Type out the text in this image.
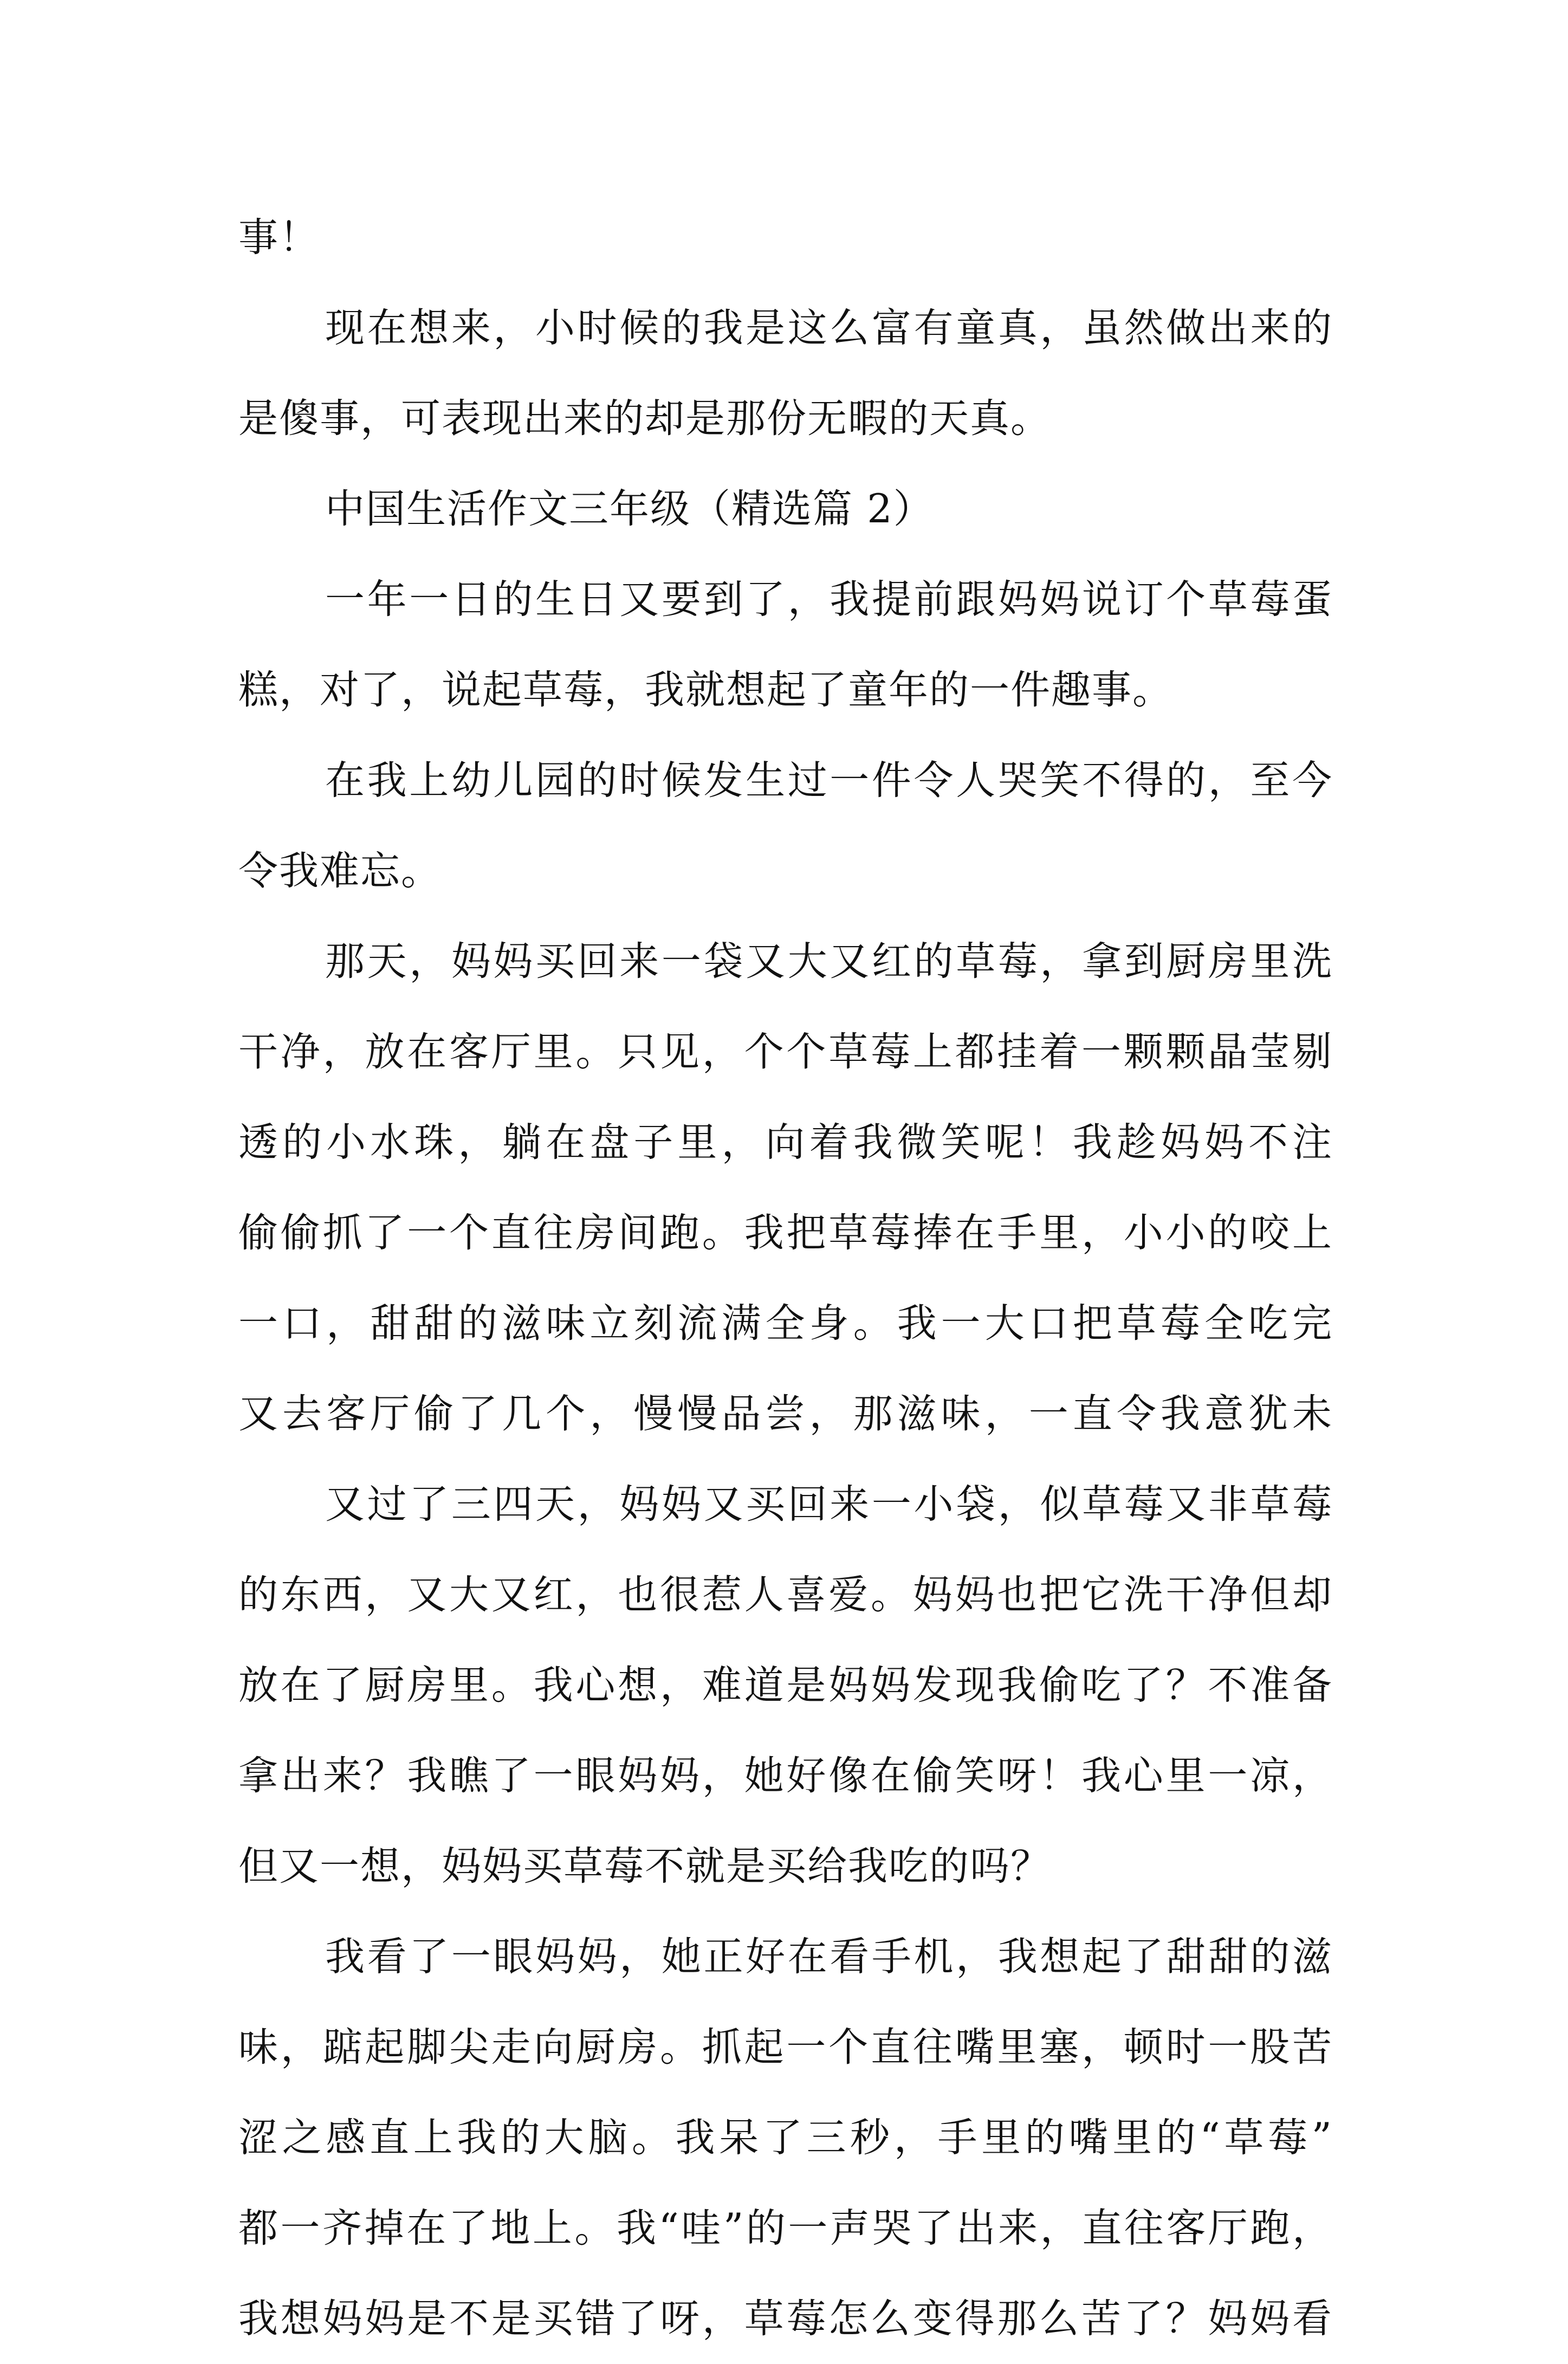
事！
现在想来，小时候的我是这么富有童真，虽然做出来的
是傻事，可表现出来的却是那份无暇的天真。
中国生活作文三年级（精选篇 2）
一年一日的生日又要到了，我提前跟妈妈说订个草莓蛋
糕，对了，说起草莓，我就想起了童年的一件趣事。
在我上幼儿园的时候发生过一件令人哭笑不得的，至今
令我难忘。
那天，妈妈买回来一袋又大又红的草莓，拿到厨房里洗
干净，放在客厅里。只见，个个草莓上都挂着一颗颗晶莹剔
透的小水珠，躺在盘子里，向着我微笑呢！我趁妈妈不注
偷偷抓了一个直往房间跑。我把草莓捧在手里，小小的咬上
一口，甜甜的滋味立刻流满全身。我一大口把草莓全吃完
又去客厅偷了几个，慢慢品尝，那滋味，一直令我意犹未
又过了三四天，妈妈又买回来一小袋，似草莓又非草莓
的东西，又大又红，也很惹人喜爱。妈妈也把它洗干净但却
放在了厨房里。我心想，难道是妈妈发现我偷吃了？不准备
拿出来？我瞧了一眼妈妈，她好像在偷笑呀！我心里一凉，
但又一想，妈妈买草莓不就是买给我吃的吗？
我看了一眼妈妈，她正好在看手机，我想起了甜甜的滋
味，踮起脚尖走向厨房。抓起一个直往嘴里塞，顿时一股苦
涩之感直上我的大脑。我呆了三秒，手里的嘴里的“草莓”
都一齐掉在了地上。我“哇”的一声哭了出来，直往客厅跑，
我想妈妈是不是买错了呀，草莓怎么变得那么苦了？妈妈看
